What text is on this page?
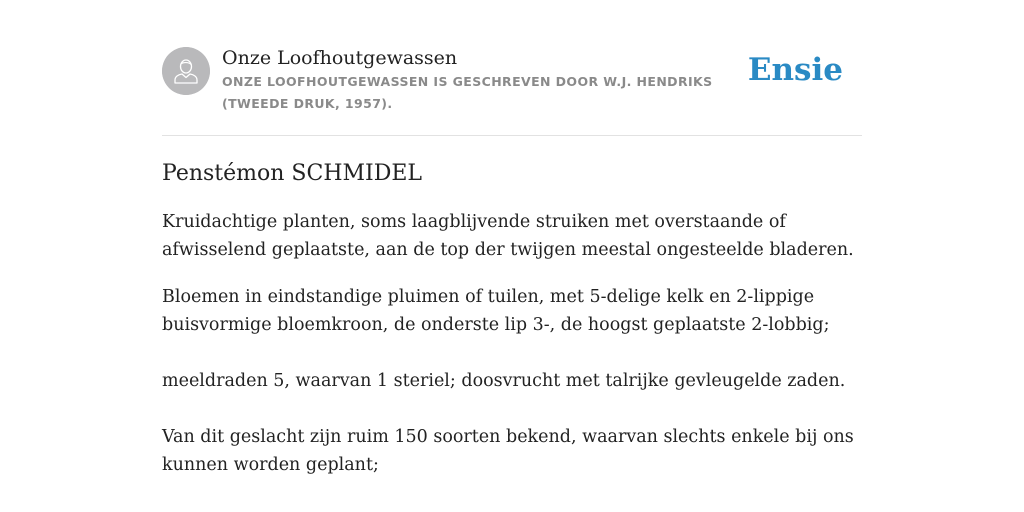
Onze Loofhoutgewassen
ONZE LOOFHOUTGEWASSEN IS GESCHREVEN DOOR W.J. HENDRIKS (TWEEDE DRUK, 1957).
Ensie
Penstémon SCHMIDEL

Kruidachtige planten, soms laagblijvende struiken met overstaande of afwisselend geplaatste, aan de top der twijgen meestal ongesteelde bladeren.

Bloemen in eindstandige pluimen of tuilen, met 5-delige kelk en 2-lippige buisvormige bloemkroon, de onderste lip 3-, de hoogst geplaatste 2-lobbig;

meeldraden 5, waarvan 1 steriel; doosvrucht met talrijke gevleugelde zaden.

Van dit geslacht zijn ruim 150 soorten bekend, waarvan slechts enkele bij ons kunnen worden geplant;
